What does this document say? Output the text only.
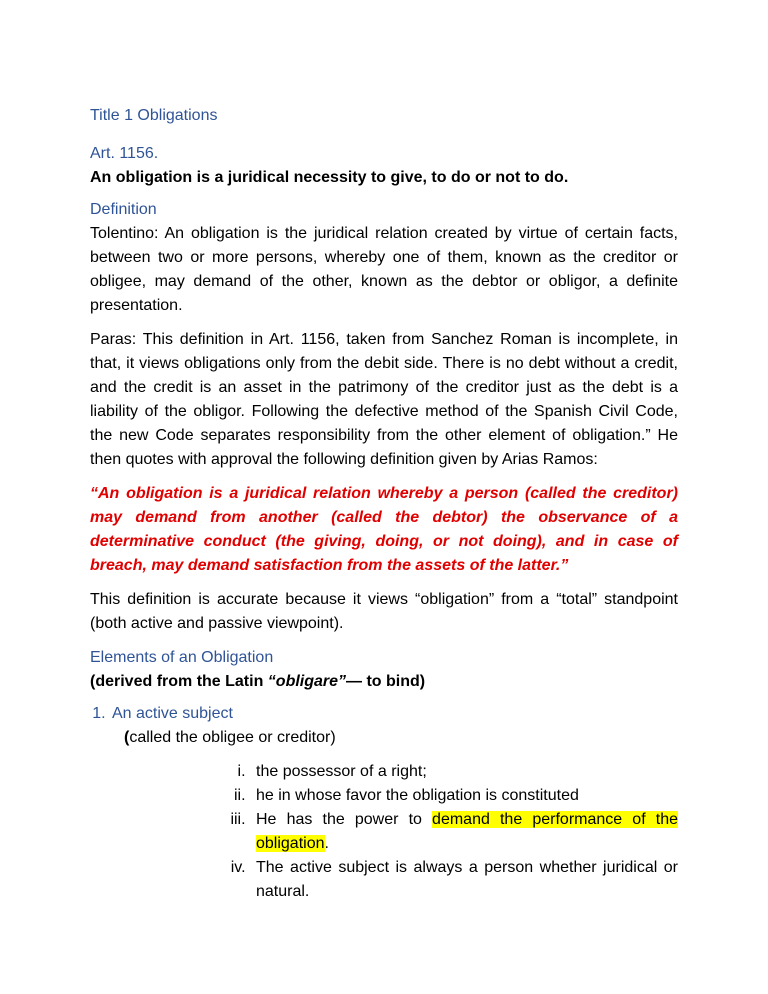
Title 1 Obligations
Art. 1156.

An obligation is a juridical necessity to give, to do or not to do.

Definition

Tolentino: An obligation is the juridical relation created by virtue of certain facts, between two or more persons, whereby one of them, known as the creditor or obligee, may demand of the other, known as the debtor or obligor, a definite presentation.

Paras: This definition in Art. 1156, taken from Sanchez Roman is incomplete, in that, it views obligations only from the debit side. There is no debt without a credit, and the credit is an asset in the patrimony of the creditor just as the debt is a liability of the obligor. Following the defective method of the Spanish Civil Code, the new Code separates responsibility from the other element of obligation.” He then quotes with approval the following definition given by Arias Ramos:

“An obligation is a juridical relation whereby a person (called the creditor) may demand from another (called the debtor) the observance of a determinative conduct (the giving, doing, or not doing), and in case of breach, may demand satisfaction from the assets of the latter.”

This definition is accurate because it views “obligation” from a “total” standpoint (both active and passive viewpoint).

Elements of an Obligation
(derived from the Latin “obligare”— to bind)
1. An active subject
(called the obligee or creditor)
i. the possessor of a right;
ii. he in whose favor the obligation is constituted
iii. He has the power to demand the performance of the obligation.
iv. The active subject is always a person whether juridical or natural.
